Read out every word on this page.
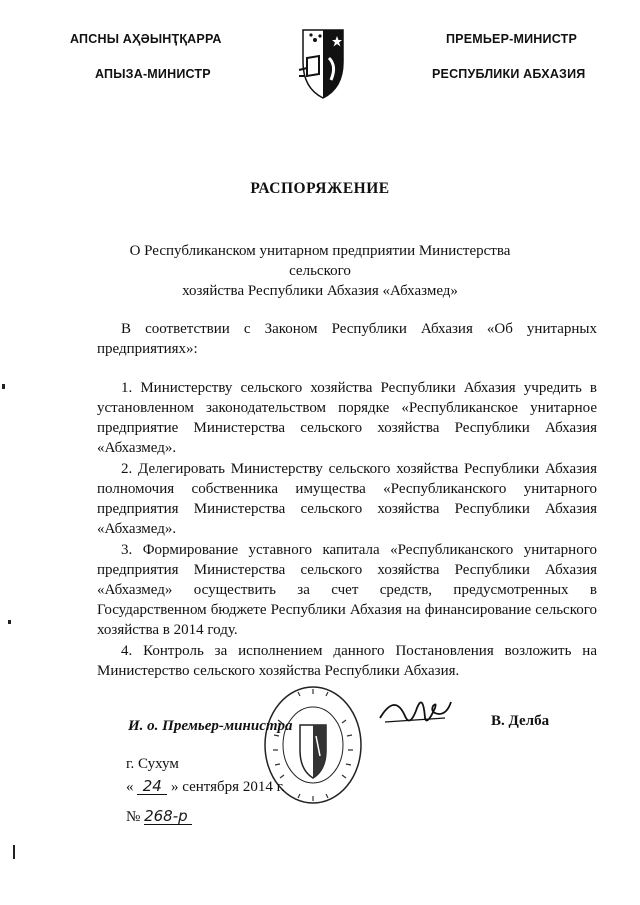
АПСНЫ АҲӘЫНҬҚАРРА
АПЫЗА-МИНИСТР
ПРЕМЬЕР-МИНИСТР
РЕСПУБЛИКИ АБХАЗИЯ
РАСПОРЯЖЕНИЕ
О Республиканском унитарном предприятии Министерства сельского
хозяйства Республики Абхазия «Абхазмед»

В соответствии с Законом Республики Абхазия «Об унитарных предприятиях»:

1. Министерству сельского хозяйства Республики Абхазия учредить в установленном законодательством порядке «Республиканское унитарное предприятие Министерства сельского хозяйства Республики Абхазия «Абхазмед».

2. Делегировать Министерству сельского хозяйства Республики Абхазия полномочия собственника имущества «Республиканского унитарного предприятия Министерства сельского хозяйства Республики Абхазия «Абхазмед».

3. Формирование уставного капитала «Республиканского унитарного предприятия Министерства сельского хозяйства Республики Абхазия «Абхазмед» осуществить за счет средств, предусмотренных в Государственном бюджете Республики Абхазия на финансирование сельского хозяйства в 2014 году.

4. Контроль за исполнением данного Постановления возложить на Министерство сельского хозяйства Республики Абхазия.

И. о. Премьер-министра	В. Делба
г. Сухум
« 24 » сентября 2014 г.
№ 268-р
